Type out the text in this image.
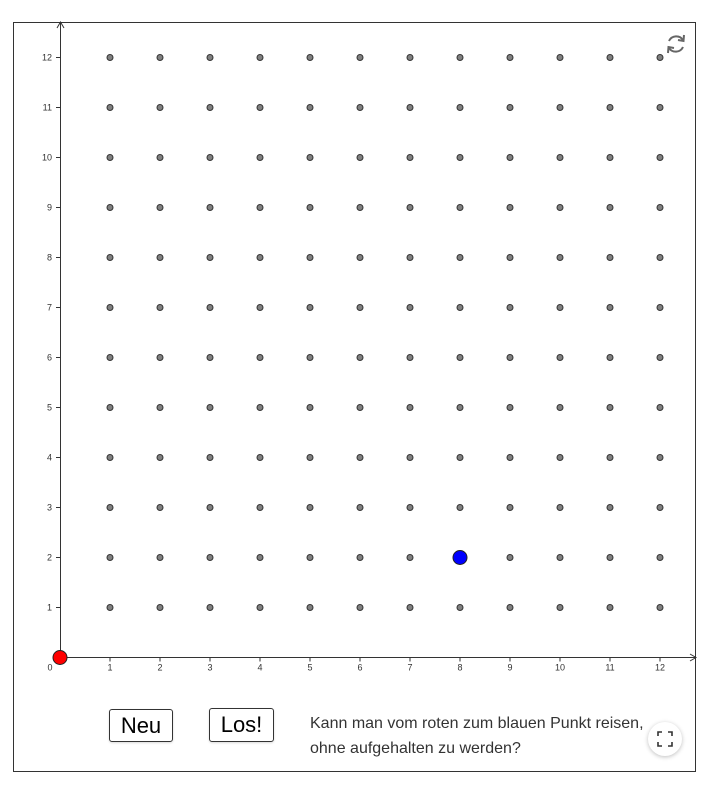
0	1	2	3	4	5	6	7	8	9	10	11	12
1
2
3
4
5
6
7
8
9
10
11
12
Neu	Los!	Kann man vom roten zum blauen Punkt reisen,
ohne aufgehalten zu werden?
